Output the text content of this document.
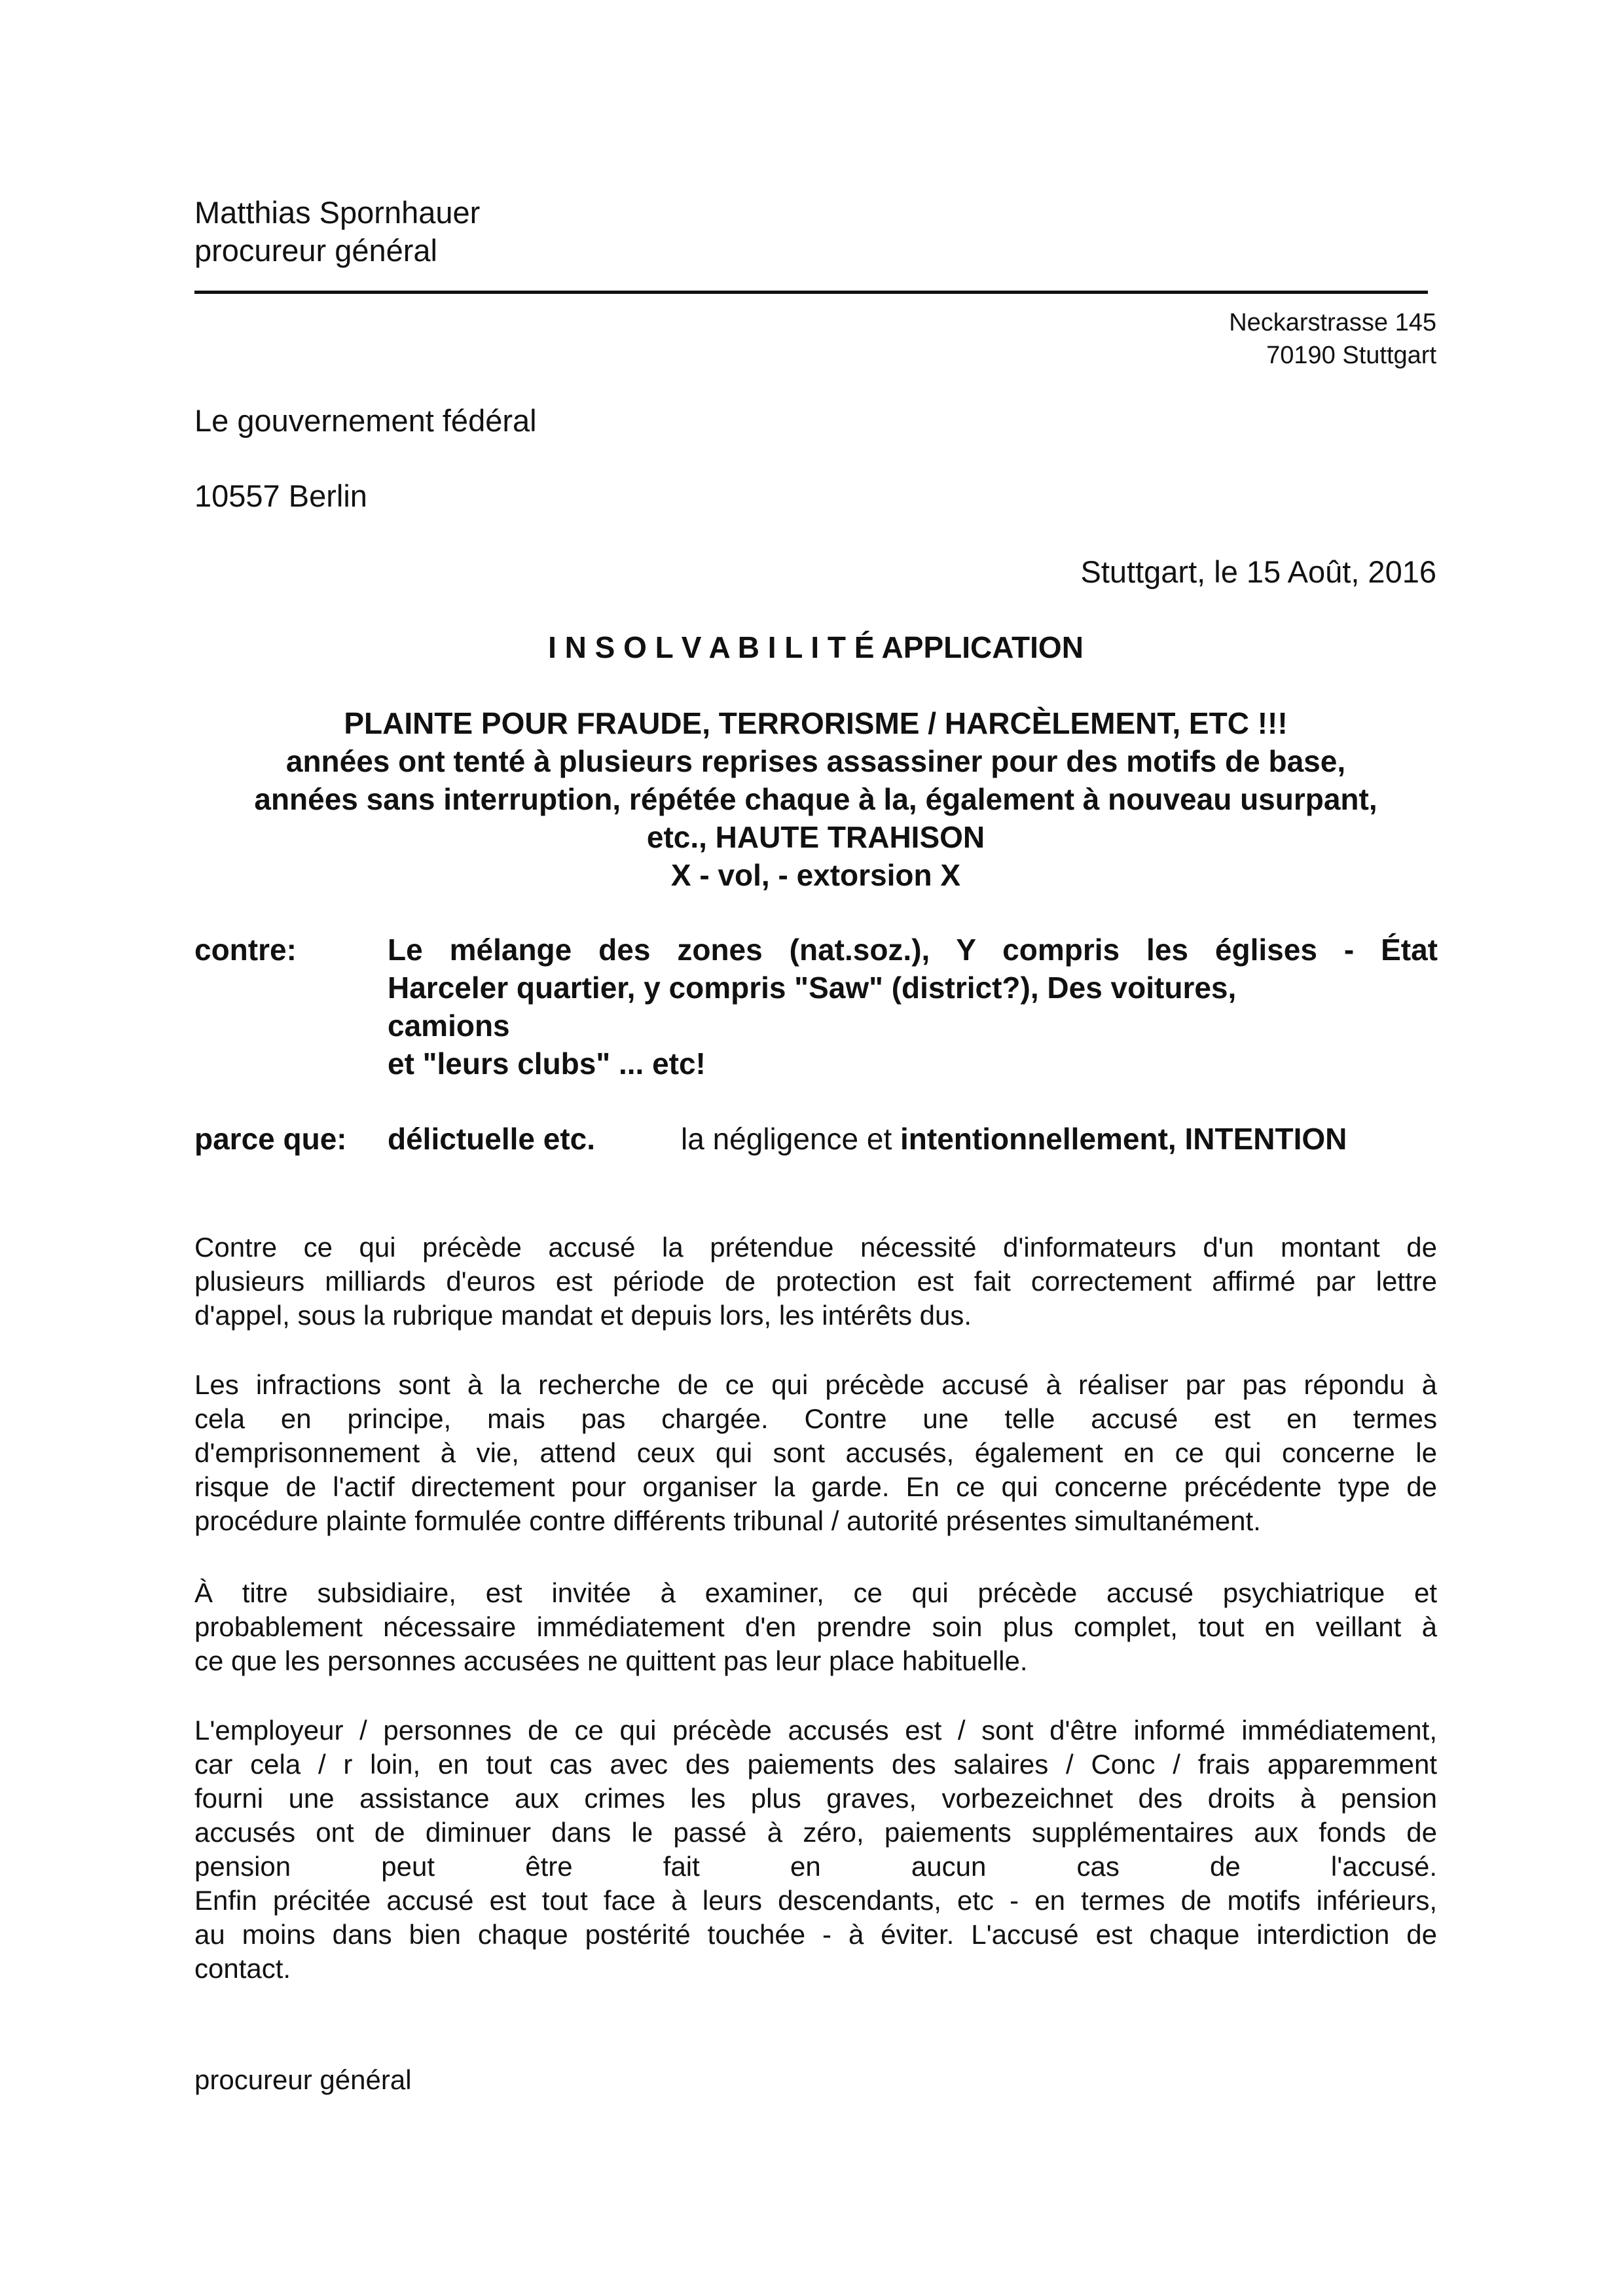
Matthias Spornhauer
procureur général
Neckarstrasse 145
70190 Stuttgart
Le gouvernement fédéral
10557 Berlin
Stuttgart, le 15 Août, 2016
I N S O L V A B I L I T É APPLICATION
PLAINTE POUR FRAUDE, TERRORISME / HARCÈLEMENT, ETC !!!
années ont tenté à plusieurs reprises assassiner pour des motifs de base,
années sans interruption, répétée chaque à la, également à nouveau usurpant,
etc., HAUTE TRAHISON
X - vol, - extorsion X
contre:	Le mélange des zones (nat.soz.), Y compris les églises - État
Harceler quartier, y compris "Saw" (district?), Des voitures,
camions
et "leurs clubs" ... etc!
parce que: délictuelle etc.	la négligence et intentionnellement, INTENTION
Contre ce qui précède accusé la prétendue nécessité d'informateurs d'un montant de
plusieurs milliards d'euros est période de protection est fait correctement affirmé par lettre
d'appel, sous la rubrique mandat et depuis lors, les intérêts dus.
Les infractions sont à la recherche de ce qui précède accusé à réaliser par pas répondu à
cela en principe, mais pas chargée. Contre une telle accusé est en termes
d'emprisonnement à vie, attend ceux qui sont accusés, également en ce qui concerne le
risque de l'actif directement pour organiser la garde. En ce qui concerne précédente type de
procédure plainte formulée contre différents tribunal / autorité présentes simultanément.
À titre subsidiaire, est invitée à examiner, ce qui précède accusé psychiatrique et
probablement nécessaire immédiatement d'en prendre soin plus complet, tout en veillant à
ce que les personnes accusées ne quittent pas leur place habituelle.
L'employeur / personnes de ce qui précède accusés est / sont d'être informé immédiatement,
car cela / r loin, en tout cas avec des paiements des salaires / Conc / frais apparemment
fourni une assistance aux crimes les plus graves, vorbezeichnet des droits à pension
accusés ont de diminuer dans le passé à zéro, paiements supplémentaires aux fonds de
pension peut être fait en aucun cas de l'accusé.
Enfin précitée accusé est tout face à leurs descendants, etc - en termes de motifs inférieurs,
au moins dans bien chaque postérité touchée - à éviter. L'accusé est chaque interdiction de
contact.
procureur général
